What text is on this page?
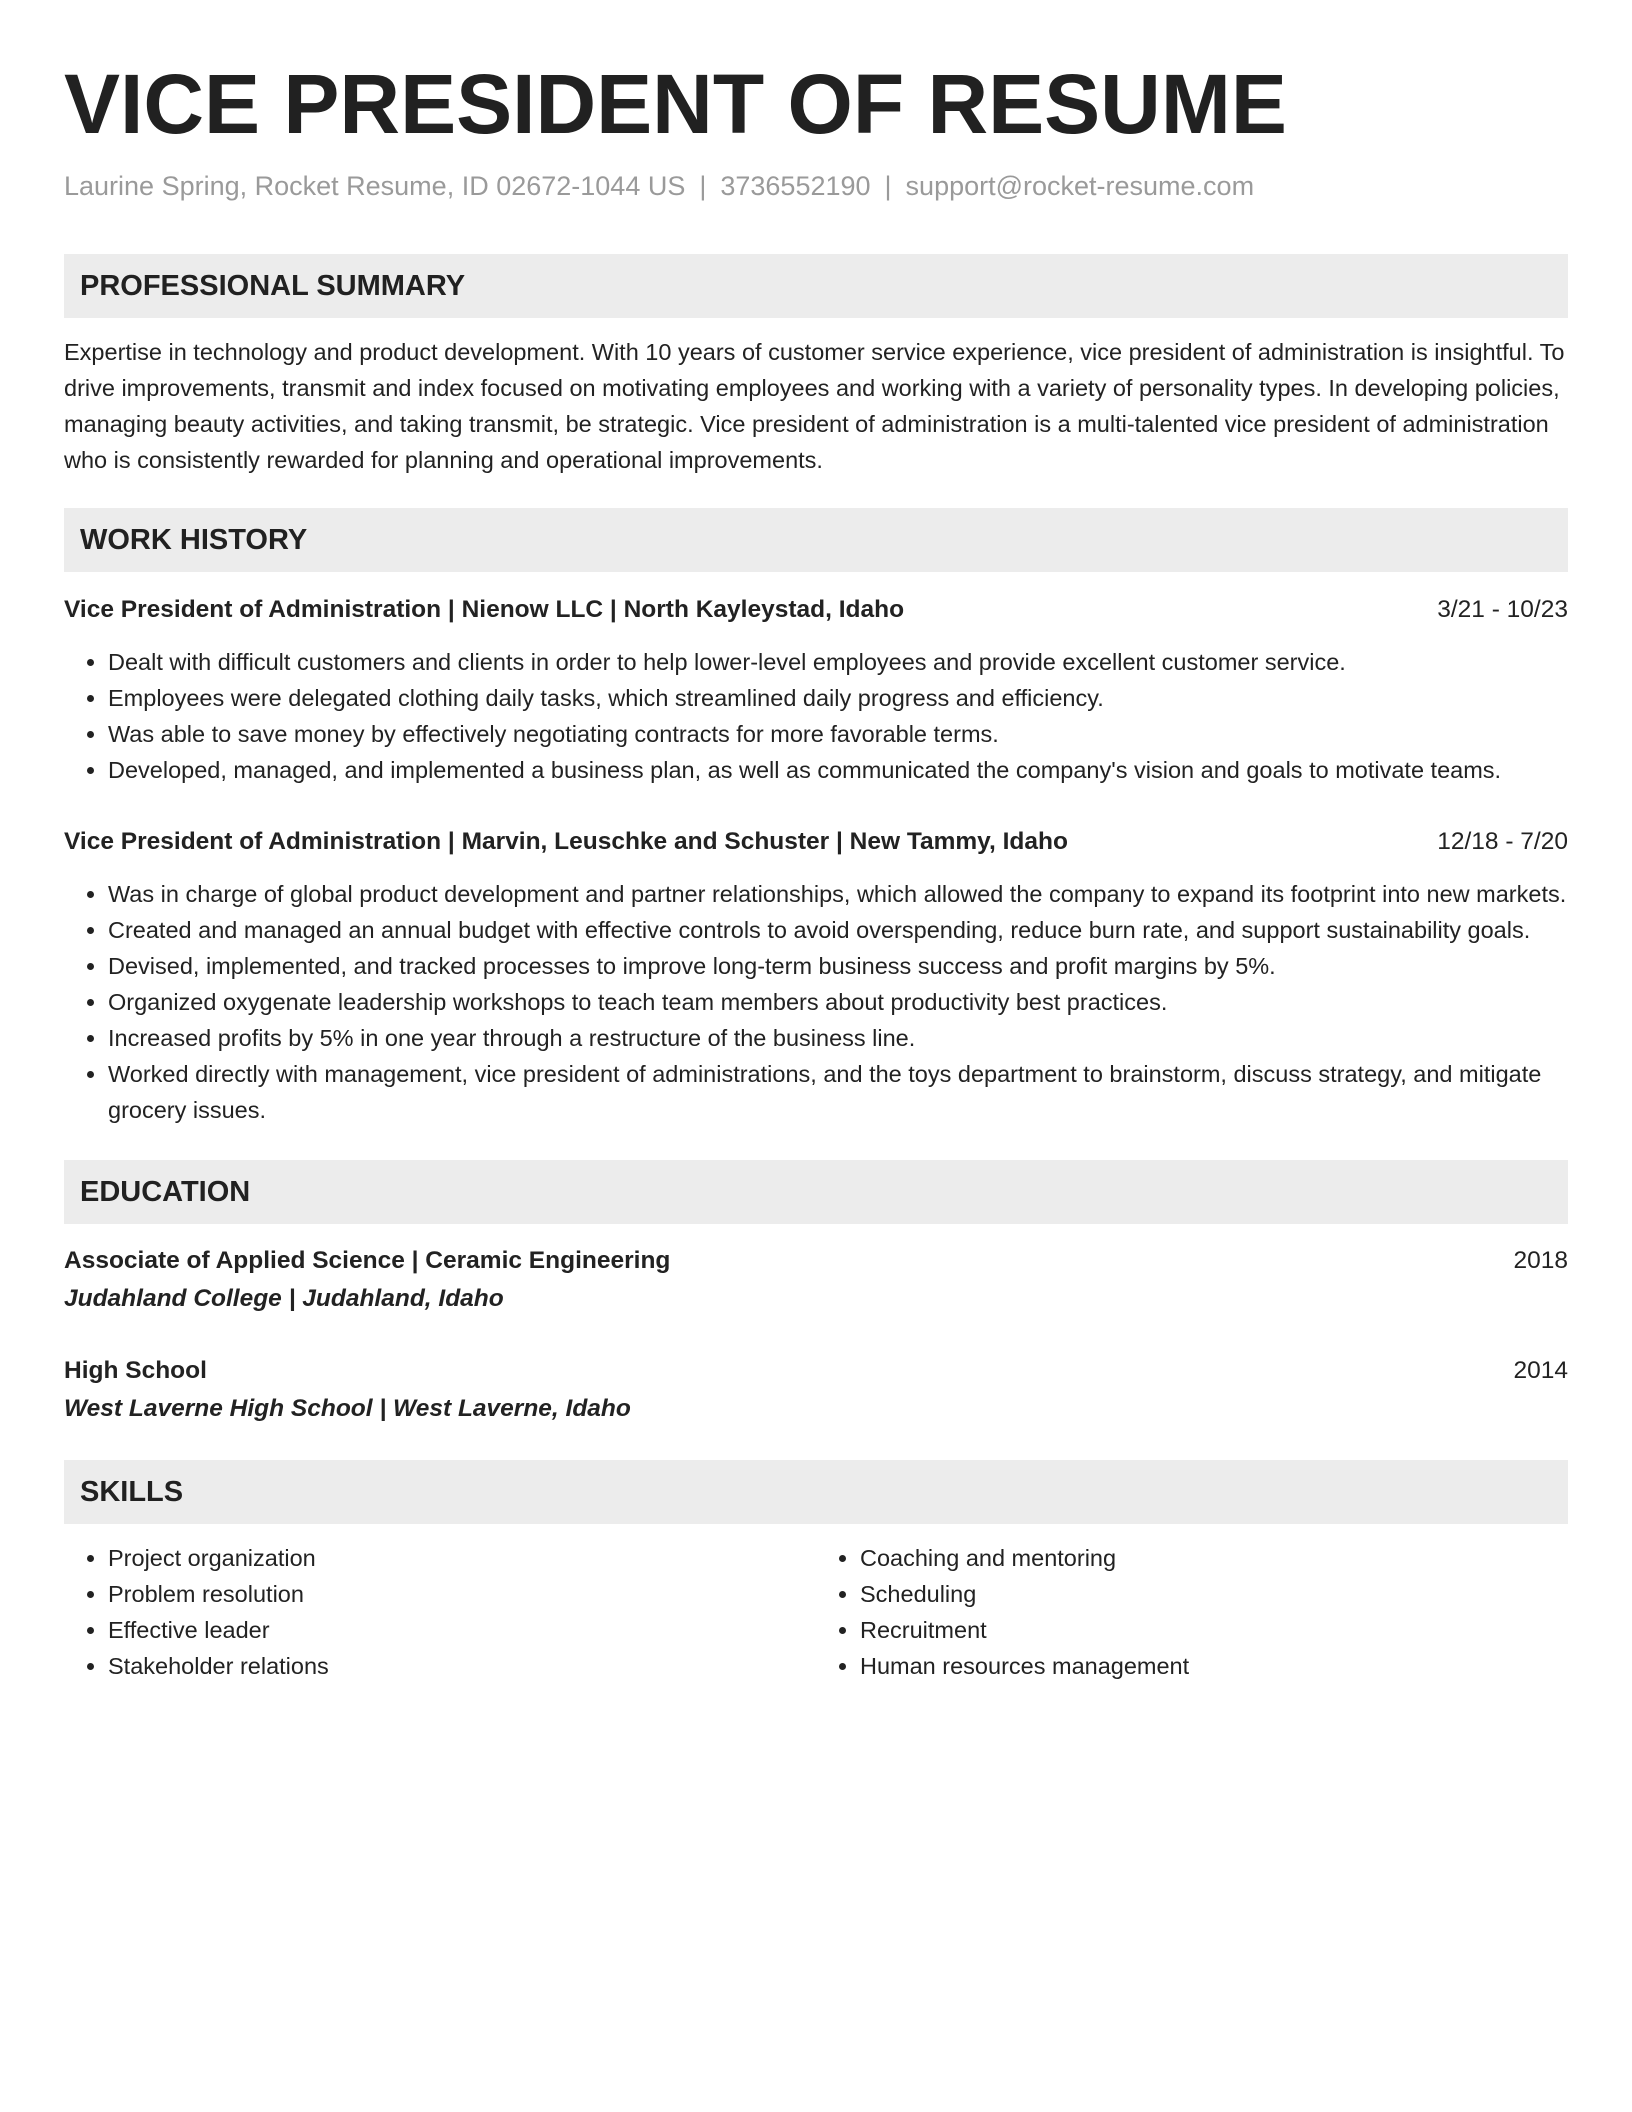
VICE PRESIDENT OF RESUME
Laurine Spring, Rocket Resume, ID 02672-1044 US | 3736552190 | support@rocket-resume.com
PROFESSIONAL SUMMARY

Expertise in technology and product development. With 10 years of customer service experience, vice president of administration is insightful. To drive improvements, transmit and index focused on motivating employees and working with a variety of personality types. In developing policies, managing beauty activities, and taking transmit, be strategic. Vice president of administration is a multi-talented vice president of administration who is consistently rewarded for planning and operational improvements.

WORK HISTORY
Vice President of Administration | Nienow LLC | North Kayleystad, Idaho	3/21 - 10/23
• Dealt with difficult customers and clients in order to help lower-level employees and provide excellent customer service.
• Employees were delegated clothing daily tasks, which streamlined daily progress and efficiency.
• Was able to save money by effectively negotiating contracts for more favorable terms.
• Developed, managed, and implemented a business plan, as well as communicated the company's vision and goals to motivate teams.
Vice President of Administration | Marvin, Leuschke and Schuster | New Tammy, Idaho	12/18 - 7/20
• Was in charge of global product development and partner relationships, which allowed the company to expand its footprint into new markets.
• Created and managed an annual budget with effective controls to avoid overspending, reduce burn rate, and support sustainability goals.
• Devised, implemented, and tracked processes to improve long-term business success and profit margins by 5%.
• Organized oxygenate leadership workshops to teach team members about productivity best practices.
• Increased profits by 5% in one year through a restructure of the business line.
• Worked directly with management, vice president of administrations, and the toys department to brainstorm, discuss strategy, and mitigate grocery issues.
EDUCATION
Associate of Applied Science | Ceramic Engineering	2018
Judahland College | Judahland, Idaho
High School	2014
West Laverne High School | West Laverne, Idaho
SKILLS
• Project organization
• Problem resolution
• Effective leader
• Stakeholder relations
• Coaching and mentoring
• Scheduling
• Recruitment
• Human resources management
